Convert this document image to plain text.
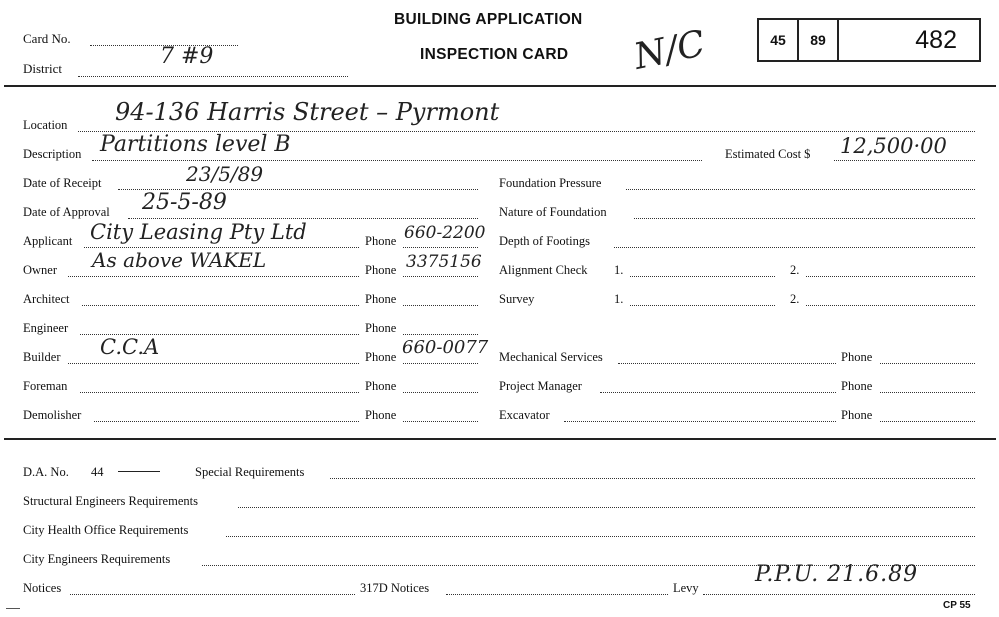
Card No.
District	7 #9
BUILDING APPLICATION
INSPECTION CARD N/C	45	89	482
Location 94-136 Harris Street – Pyrmont
Description Partitions level B	Estimated Cost $ 12,500·00
Date of Receipt	23/5/89
Date of Approval 25-5-89
Applicant City Leasing Pty Ltd	Phone 660-2200
Owner As above WAKEL	Phone 3375156
Architect	Phone
Engineer	Phone
Builder C.C.A	Phone 660-0077
Foreman	Phone
Demolisher	Phone
Foundation Pressure
Nature of Foundation
Depth of Footings
Alignment Check 1.	2.
Survey	1.	2.
Mechanical Services	Phone
Project Manager	Phone
Excavator	Phone
D.A. No. 44	Special Requirements
Structural Engineers Requirements
City Health Office Requirements
City Engineers Requirements
Notices	317D Notices	Levy
P.P.U. 21.6.89
CP 55
